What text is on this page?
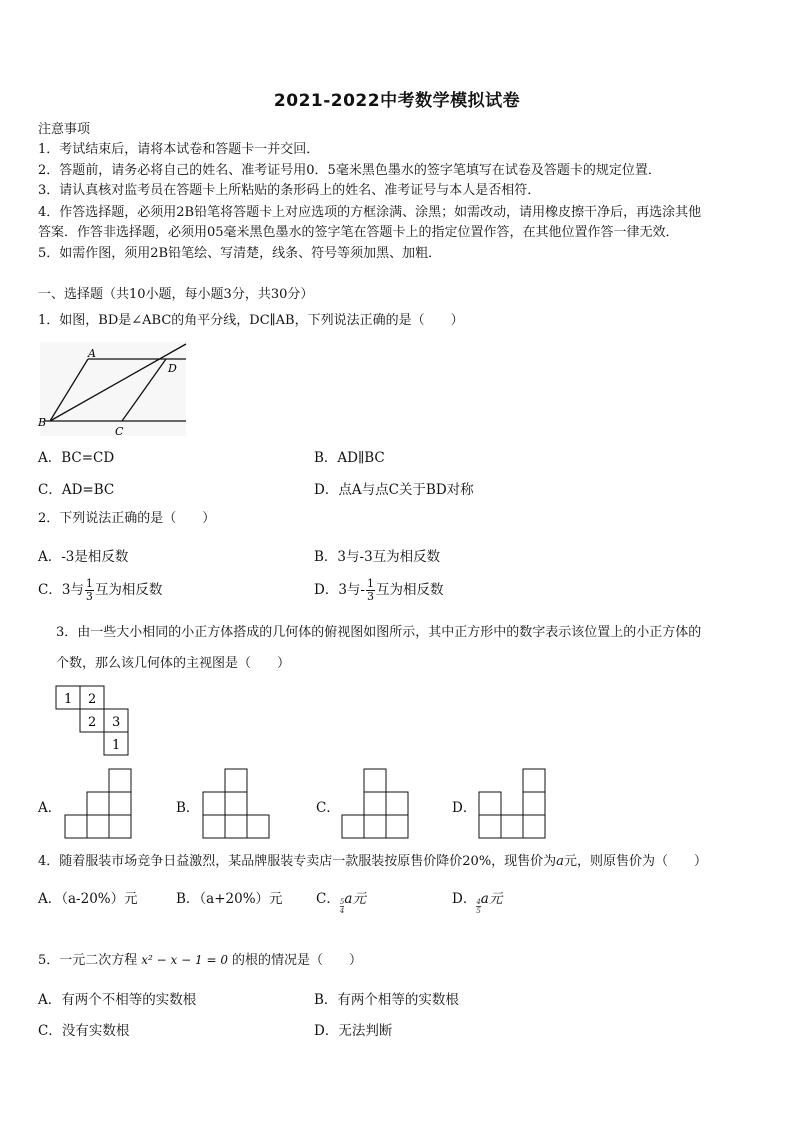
2021-2022中考数学模拟试卷
注意事项
1．考试结束后，请将本试卷和答题卡一并交回．
2．答题前，请务必将自己的姓名、准考证号用0．5毫米黑色墨水的签字笔填写在试卷及答题卡的规定位置．
3．请认真核对监考员在答题卡上所粘贴的条形码上的姓名、准考证号与本人是否相符．
4．作答选择题，必须用2B铅笔将答题卡上对应选项的方框涂满、涂黑；如需改动，请用橡皮擦干净后，再选涂其他
答案．作答非选择题，必须用05毫米黑色墨水的签字笔在答题卡上的指定位置作答，在其他位置作答一律无效．
5．如需作图，须用2B铅笔绘、写清楚，线条、符号等须加黑、加粗．
一、选择题（共10小题，每小题3分，共30分）
1．如图，BD是∠ABC的角平分线，DC∥AB，下列说法正确的是（　　）
A
B
C
D
A．BC=CD	B．AD∥BC
C．AD=BC	D．点A与点C关于BD对称
2．下列说法正确的是（　　）
A．-3是相反数	B．3与-3互为相反数
C．3与 $\frac{1}{3}$ 互为相反数	D．3与- $\frac{1}{3}$ 互为相反数
3．由一些大小相同的小正方体搭成的几何体的俯视图如图所示，其中正方形中的数字表示该位置上的小正方体的
个数，那么该几何体的主视图是（　　）
1 2
2 3
1
A．	B．	C．	D．
4．随着服装市场竞争日益激烈，某品牌服装专卖店一款服装按原售价降价20%，现售价为a元，则原售价为（　　）
A．（a-20%）元	B．（a+20%）元 C． $\frac{5}{4}a$元	D． $\frac{4}{5}a$元
5．一元二次方程 x² − x − 1 = 0 的根的情况是（　　）
A．有两个不相等的实数根	B．有两个相等的实数根
C．没有实数根	D．无法判断
